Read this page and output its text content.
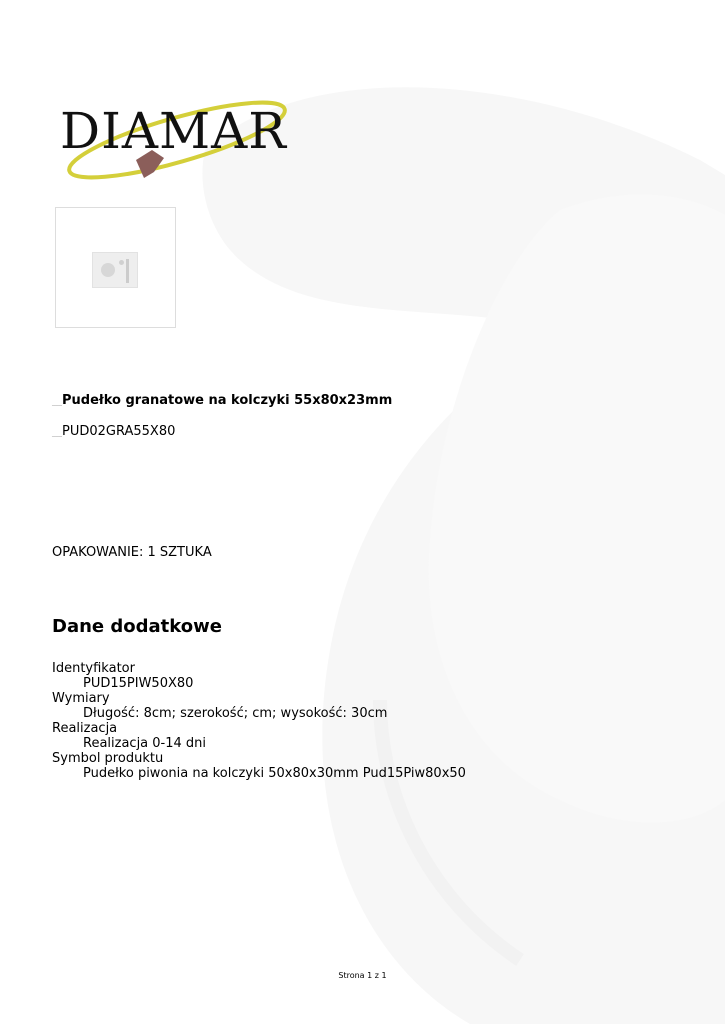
DIAMAR
____Pudełko granatowe na kolczyki 55x80x23mm
____PUD02GRA55X80
OPAKOWANIE: 1 SZTUKA
Dane dodatkowe

Identyfikator

PUD15PIW50X80

Wymiary

Długość: 8cm; szerokość; cm; wysokość: 30cm

Realizacja

Realizacja 0-14 dni

Symbol produktu

Pudełko piwonia na kolczyki 50x80x30mm Pud15Piw80x50

Strona 1 z 1
